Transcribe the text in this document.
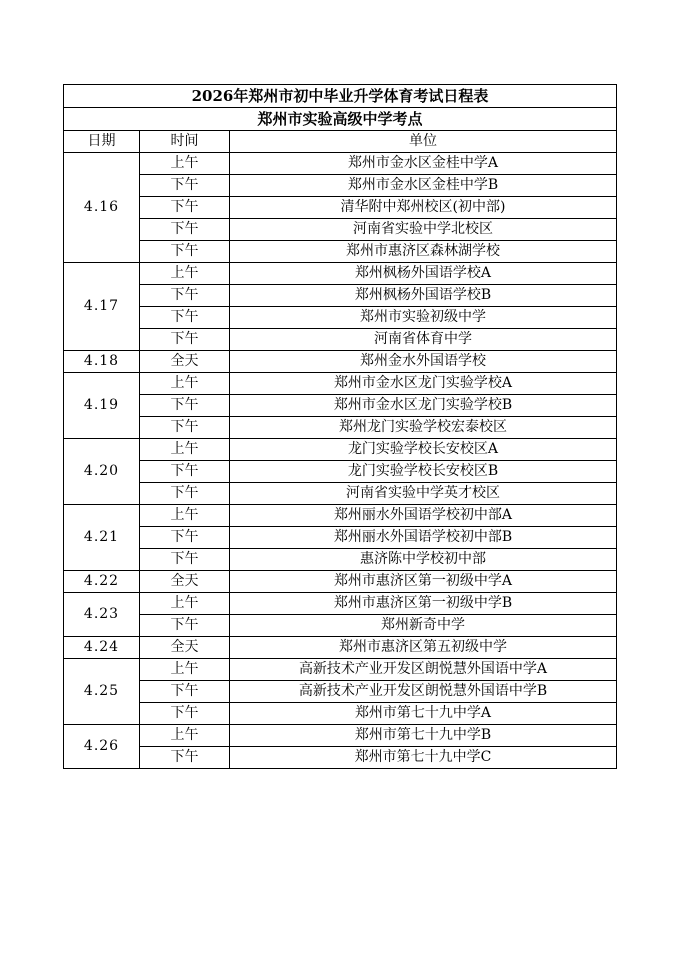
2026年郑州市初中毕业升学体育考试日程表		
郑州市实验高级中学考点		
日期	时间	单位
4.16	上午	郑州市金水区金桂中学A
	下午	郑州市金水区金桂中学B
	下午	清华附中郑州校区(初中部)
	下午	河南省实验中学北校区
	下午	郑州市惠济区森林湖学校
4.17	上午	郑州枫杨外国语学校A
	下午	郑州枫杨外国语学校B
	下午	郑州市实验初级中学
	下午	河南省体育中学
4.18	全天	郑州金水外国语学校
4.19	上午	郑州市金水区龙门实验学校A
	下午	郑州市金水区龙门实验学校B
	下午	郑州龙门实验学校宏泰校区
4.20	上午	龙门实验学校长安校区A
	下午	龙门实验学校长安校区B
	下午	河南省实验中学英才校区
4.21	上午	郑州丽水外国语学校初中部A
	下午	郑州丽水外国语学校初中部B
	下午	惠济陈中学校初中部
4.22	全天	郑州市惠济区第一初级中学A
4.23	上午	郑州市惠济区第一初级中学B
	下午	郑州新奇中学
4.24	全天	郑州市惠济区第五初级中学
4.25	上午	高新技术产业开发区朗悦慧外国语中学A
	下午	高新技术产业开发区朗悦慧外国语中学B
	下午	郑州市第七十九中学A
4.26	上午	郑州市第七十九中学B
	下午	郑州市第七十九中学C
